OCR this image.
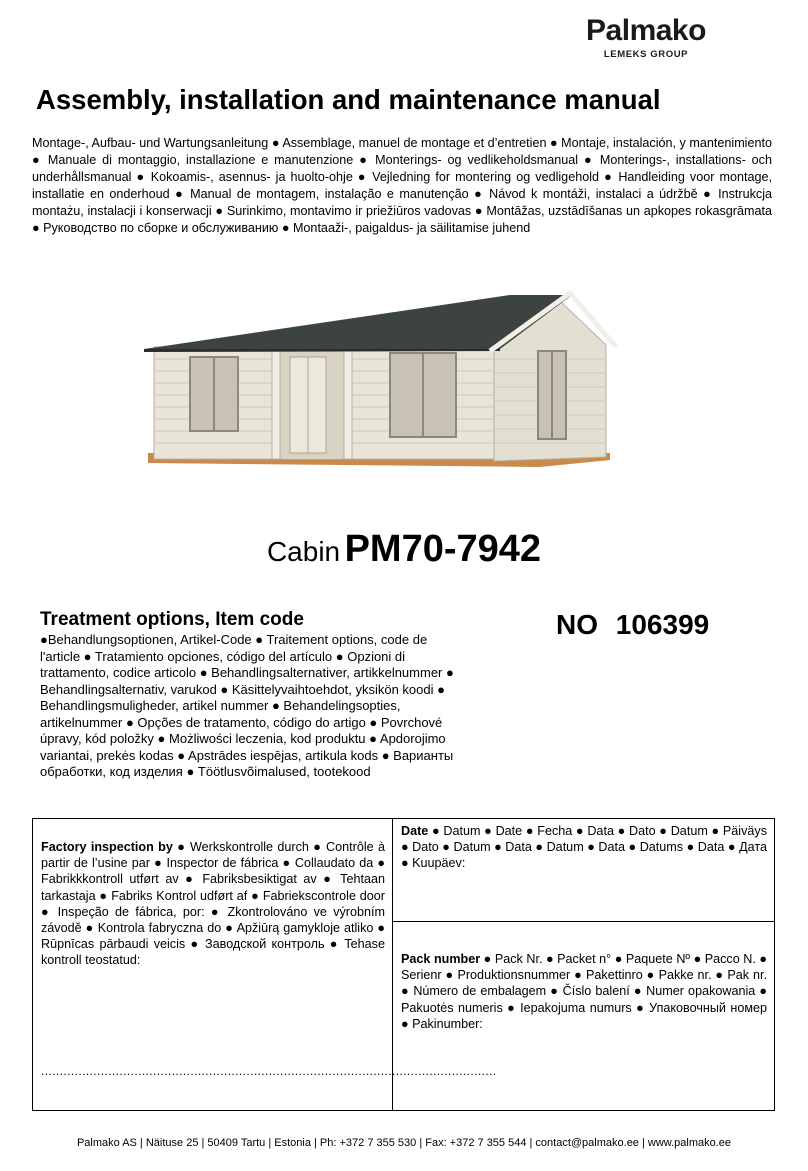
Palmako
LEMEKS GROUP
Assembly, installation and maintenance manual
Montage-, Aufbau- und Wartungsanleitung ● Assemblage, manuel de montage et d’entretien ● Montaje, instalación, y mantenimiento ● Manuale di montaggio, installazione e manutenzione ● Monterings- og vedlikeholdsmanual ● Monterings-, installations- och underhållsmanual ● Kokoamis-, asennus- ja huolto-ohje ● Vejledning for montering og vedligehold ● Handleiding voor montage, installatie en onderhoud ● Manual de montagem, instalação e manutenção ● Návod k montáži, instalaci a údržbě ● Instrukcja montażu, instalacji i konserwacji ● Surinkimo, montavimo ir priežiūros vadovas ● Montāžas, uzstādīšanas un apkopes rokasgrāmata ● Руководство по сборке и обслуживанию ● Montaaži-, paigaldus- ja säilitamise juhend
Cabin PM70-7942
Treatment options, Item code
●Behandlungsoptionen, Artikel-Code ● Traitement options, code de l'article ● Tratamiento opciones, código del artículo ● Opzioni di trattamento, codice articolo ● Behandlingsalternativer, artikkelnummer ● Behandlingsalternativ, varukod ● Käsittelyvaihtoehdot, yksikön koodi ● Behandlingsmuligheder, artikel nummer ● Behandelingsopties, artikelnummer ● Opções de tratamento, código do artigo ● Povrchové úpravy, kód položky ● Możliwości leczenia, kod produktu ● Apdorojimo variantai, prekės kodas ● Apstrādes iespējas, artikula kods ● Варианты обработки, код изделия ● Töötlusvõimalused, tootekood
NO 106399
Factory inspection by ● Werkskontrolle durch ● Contrôle à partir de l’usine par ● Inspector de fábrica ● Collaudato da ● Fabrikkkontroll utført av ● Fabriksbesiktigat av ● Tehtaan tarkastaja ● Fabriks Kontrol udført af ● Fabriekscontrole door ● Inspeção de fábrica, por: ● Zkontrolováno ve výrobním závodě ● Kontrola fabryczna do ● Apžiūrą gamykloje atliko ● Rūpnīcas pārbaudi veicis ● Заводской контроль ● Tehase kontroll teostatud:
..........................................................................................................................
Date ● Datum ● Date ● Fecha ● Data ● Dato ● Datum ● Päiväys ● Dato ● Datum ● Data ● Datum ● Data ● Datums ● Data ● Дата ● Kuupäev:
Pack number ● Pack Nr. ● Packet n° ● Paquete Nº ● Pacco N. ● Serienr ● Produktionsnummer ● Pakettinro ● Pakke nr. ● Pak nr. ● Número de embalagem ● Číslo balení ● Numer opakowania ● Pakuotės numeris ● Iepakojuma numurs ● Упаковочный номер ● Pakinumber:
Palmako AS | Näituse 25 | 50409 Tartu | Estonia | Ph: +372 7 355 530 | Fax: +372 7 355 544 | contact@palmako.ee | www.palmako.ee
